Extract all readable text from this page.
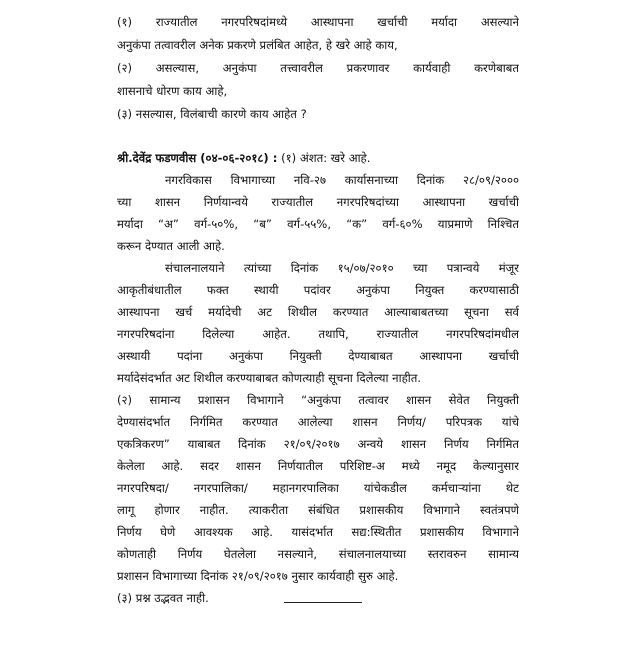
(१) राज्यातील नगरपरिषदांमध्ये आस्थापना खर्चाची मर्यादा असल्याने
अनुकंपा तत्वावरील अनेक प्रकरणे प्रलंबित आहेत, हे खरे आहे काय,
(२) असल्यास, अनुकंपा तत्त्वावरील प्रकरणावर कार्यवाही करणेबाबत
शासनाचे धोरण काय आहे,
(३) नसल्यास, विलंबाची कारणे काय आहेत ?
श्री.देवेंद्र फडणवीस (०४-०६-२०१८) : (१) अंशत: खरे आहे.
नगरविकास विभागाच्या नवि-२७ कार्यासनाच्या दिनांक २८/०९/२०००
च्या शासन निर्णयान्वये राज्यातील नगरपरिषदांच्या आस्थापना खर्चाची
मर्यादा “अ” वर्ग-५०%, “ब” वर्ग-५५%, “क” वर्ग-६०% याप्रमाणे निश्चित
करून देण्यात आली आहे.
संचालनालयाने त्यांच्या दिनांक १५/०७/२०१० च्या पत्रान्वये मंजूर
आकृतीबंधातील फक्त स्थायी पदांवर अनुकंपा नियुक्त करण्यासाठी
आस्थापना खर्च मर्यादेची अट शिथील करण्यात आल्याबाबतच्या सूचना सर्व
नगरपरिषदांना दिलेल्या आहेत. तथापि, राज्यातील नगरपरिषदांमधील
अस्थायी पदांना अनुकंपा नियुक्ती देण्याबाबत आस्थापना खर्चाची
मर्यादेसंदर्भात अट शिथील करण्याबाबत कोणत्याही सूचना दिलेल्या नाहीत.
(२) सामान्य प्रशासन विभागाने “अनुकंपा तत्वावर शासन सेवेत नियुक्ती
देण्यासंदर्भात निर्गमित करण्यात आलेल्या शासन निर्णय/ परिपत्रक यांचे
एकत्रिकरण” याबाबत दिनांक २१/०९/२०१७ अन्वये शासन निर्णय निर्गमित
केलेला आहे. सदर शासन निर्णयातील परिशिष्ट-अ मध्ये नमूद केल्यानुसार
नगरपरिषदा/ नगरपालिका/ महानगरपालिका यांचेकडील कर्मचाऱ्यांना थेट
लागू होणार नाहीत. त्याकरीता संबंधित प्रशासकीय विभागाने स्वतंत्रपणे
निर्णय घेणे आवश्यक आहे. यासंदर्भात सद्य:स्थितीत प्रशासकीय विभागाने
कोणताही निर्णय घेतलेला नसल्याने, संचालनालयाच्या स्तरावरुन सामान्य
प्रशासन विभागाच्या दिनांक २१/०९/२०१७ नुसार कार्यवाही सुरु आहे.
(३) प्रश्न उद्भवत नाही.
